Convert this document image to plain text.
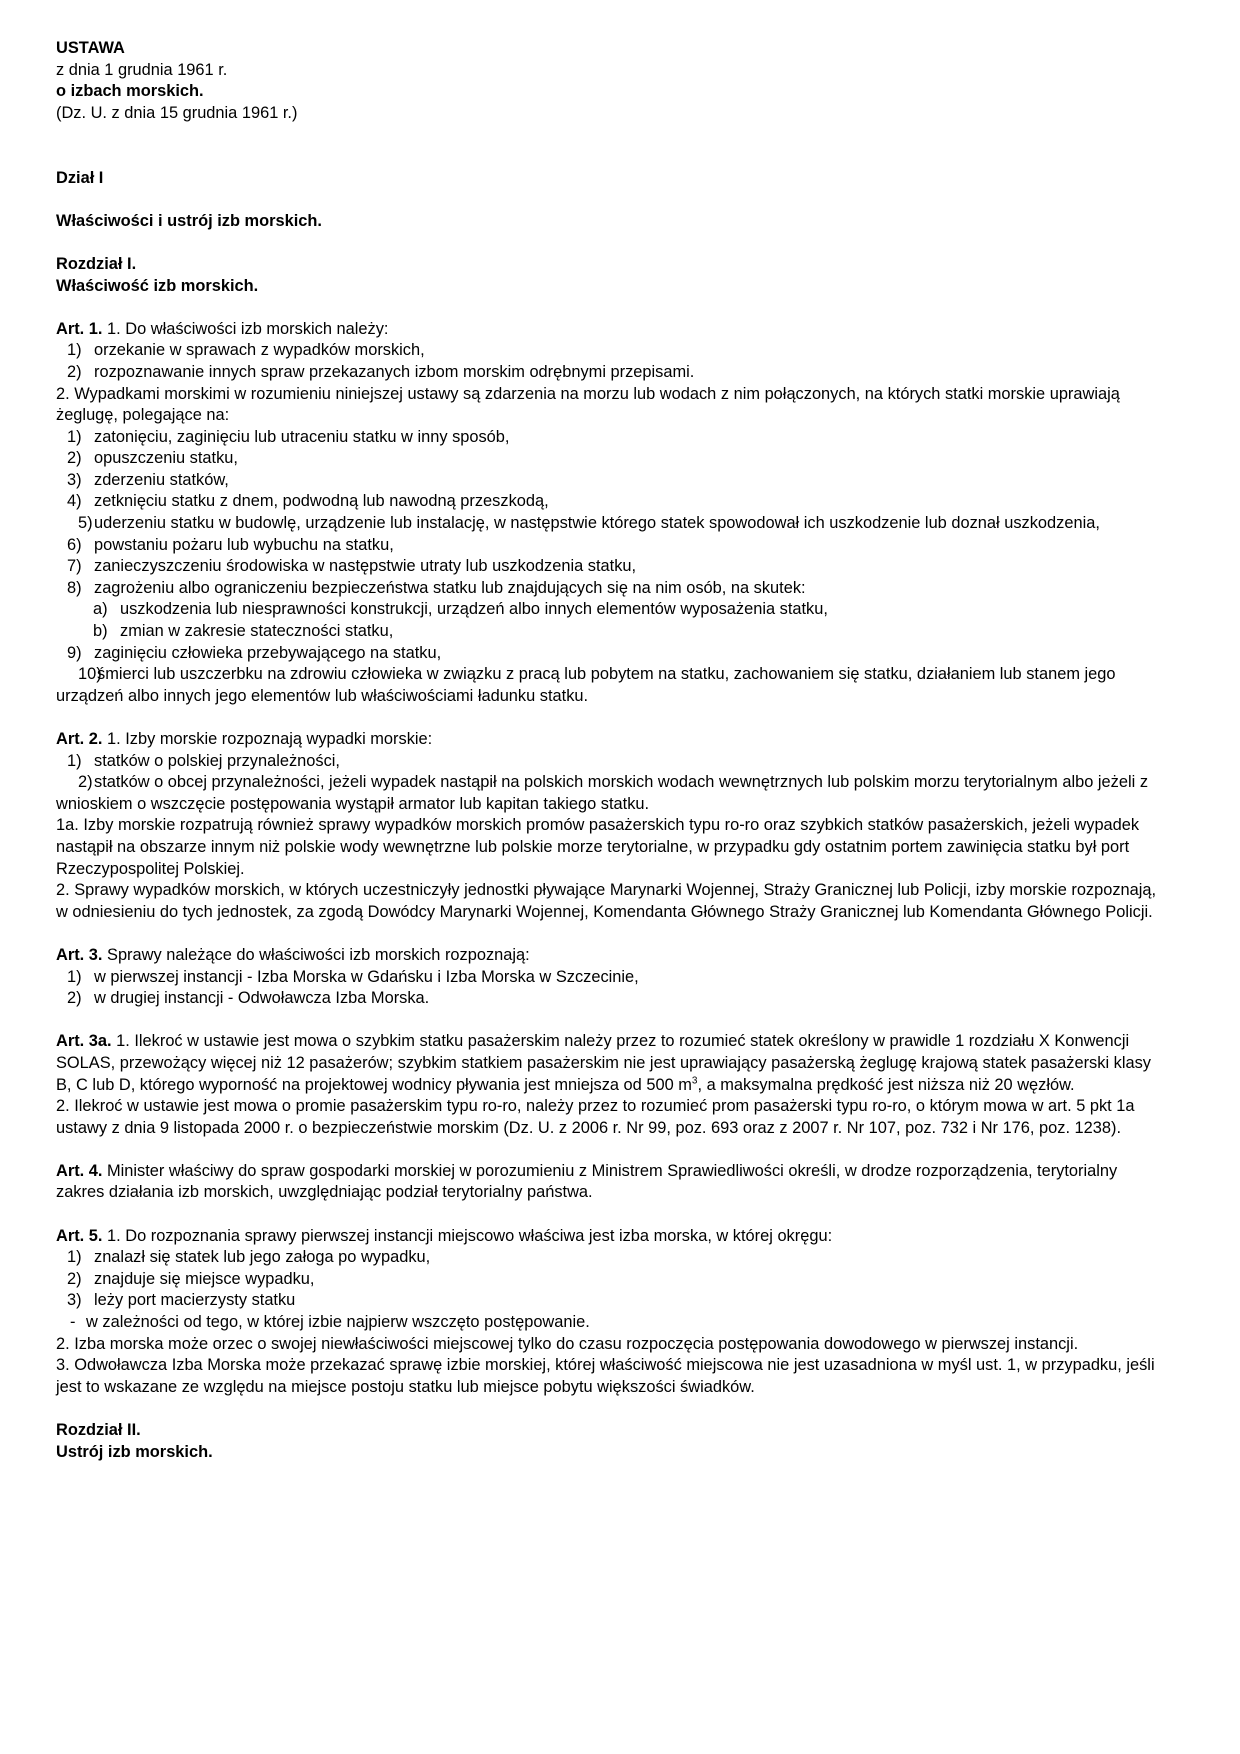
USTAWA
z dnia 1 grudnia 1961 r.
o izbach morskich.
(Dz. U. z dnia 15 grudnia 1961 r.)
Dział I
Właściwości i ustrój izb morskich.
Rozdział I.
Właściwość izb morskich.
Art. 1. 1. Do właściwości izb morskich należy:
1) orzekanie w sprawach z wypadków morskich,
2) rozpoznawanie innych spraw przekazanych izbom morskim odrębnymi przepisami.
2. Wypadkami morskimi w rozumieniu niniejszej ustawy są zdarzenia na morzu lub wodach z nim połączonych, na których statki morskie uprawiają żeglugę, polegające na:
1) zatonięciu, zaginięciu lub utraceniu statku w inny sposób,
2) opuszczeniu statku,
3) zderzeniu statków,
4) zetknięciu statku z dnem, podwodną lub nawodną przeszkodą,
5)uderzeniu statku w budowlę, urządzenie lub instalację, w następstwie którego statek spowodował ich uszkodzenie lub doznał uszkodzenia,
6) powstaniu pożaru lub wybuchu na statku,
7) zanieczyszczeniu środowiska w następstwie utraty lub uszkodzenia statku,
8) zagrożeniu albo ograniczeniu bezpieczeństwa statku lub znajdujących się na nim osób, na skutek:
a) uszkodzenia lub niesprawności konstrukcji, urządzeń albo innych elementów wyposażenia statku,
b) zmian w zakresie stateczności statku,
9) zaginięciu człowieka przebywającego na statku,
10)śmierci lub uszczerbku na zdrowiu człowieka w związku z pracą lub pobytem na statku, zachowaniem się statku, działaniem lub stanem jego urządzeń albo innych jego elementów lub właściwościami ładunku statku.
Art. 2. 1. Izby morskie rozpoznają wypadki morskie:
1) statków o polskiej przynależności,
2)statków o obcej przynależności, jeżeli wypadek nastąpił na polskich morskich wodach wewnętrznych lub polskim morzu terytorialnym albo jeżeli z wnioskiem o wszczęcie postępowania wystąpił armator lub kapitan takiego statku.
1a. Izby morskie rozpatrują również sprawy wypadków morskich promów pasażerskich typu ro-ro oraz szybkich statków pasażerskich, jeżeli wypadek nastąpił na obszarze innym niż polskie wody wewnętrzne lub polskie morze terytorialne, w przypadku gdy ostatnim portem zawinięcia statku był port Rzeczypospolitej Polskiej.
2. Sprawy wypadków morskich, w których uczestniczyły jednostki pływające Marynarki Wojennej, Straży Granicznej lub Policji, izby morskie rozpoznają, w odniesieniu do tych jednostek, za zgodą Dowódcy Marynarki Wojennej, Komendanta Głównego Straży Granicznej lub Komendanta Głównego Policji.
Art. 3. Sprawy należące do właściwości izb morskich rozpoznają:
1) w pierwszej instancji - Izba Morska w Gdańsku i Izba Morska w Szczecinie,
2) w drugiej instancji - Odwoławcza Izba Morska.
Art. 3a. 1. Ilekroć w ustawie jest mowa o szybkim statku pasażerskim należy przez to rozumieć statek określony w prawidle 1 rozdziału X Konwencji SOLAS, przewożący więcej niż 12 pasażerów; szybkim statkiem pasażerskim nie jest uprawiający pasażerską żeglugę krajową statek pasażerski klasy B, C lub D, którego wyporność na projektowej wodnicy pływania jest mniejsza od 500 $m^3$, a maksymalna prędkość jest niższa niż 20 węzłów.
2. Ilekroć w ustawie jest mowa o promie pasażerskim typu ro-ro, należy przez to rozumieć prom pasażerski typu ro-ro, o którym mowa w art. 5 pkt 1a ustawy z dnia 9 listopada 2000 r. o bezpieczeństwie morskim (Dz. U. z 2006 r. Nr 99, poz. 693 oraz z 2007 r. Nr 107, poz. 732 i Nr 176, poz. 1238).
Art. 4. Minister właściwy do spraw gospodarki morskiej w porozumieniu z Ministrem Sprawiedliwości określi, w drodze rozporządzenia, terytorialny zakres działania izb morskich, uwzględniając podział terytorialny państwa.
Art. 5. 1. Do rozpoznania sprawy pierwszej instancji miejscowo właściwa jest izba morska, w której okręgu:
1) znalazł się statek lub jego załoga po wypadku,
2) znajduje się miejsce wypadku,
3) leży port macierzysty statku
- w zależności od tego, w której izbie najpierw wszczęto postępowanie.
2. Izba morska może orzec o swojej niewłaściwości miejscowej tylko do czasu rozpoczęcia postępowania dowodowego w pierwszej instancji.
3. Odwoławcza Izba Morska może przekazać sprawę izbie morskiej, której właściwość miejscowa nie jest uzasadniona w myśl ust. 1, w przypadku, jeśli jest to wskazane ze względu na miejsce postoju statku lub miejsce pobytu większości świadków.
Rozdział II.
Ustrój izb morskich.
